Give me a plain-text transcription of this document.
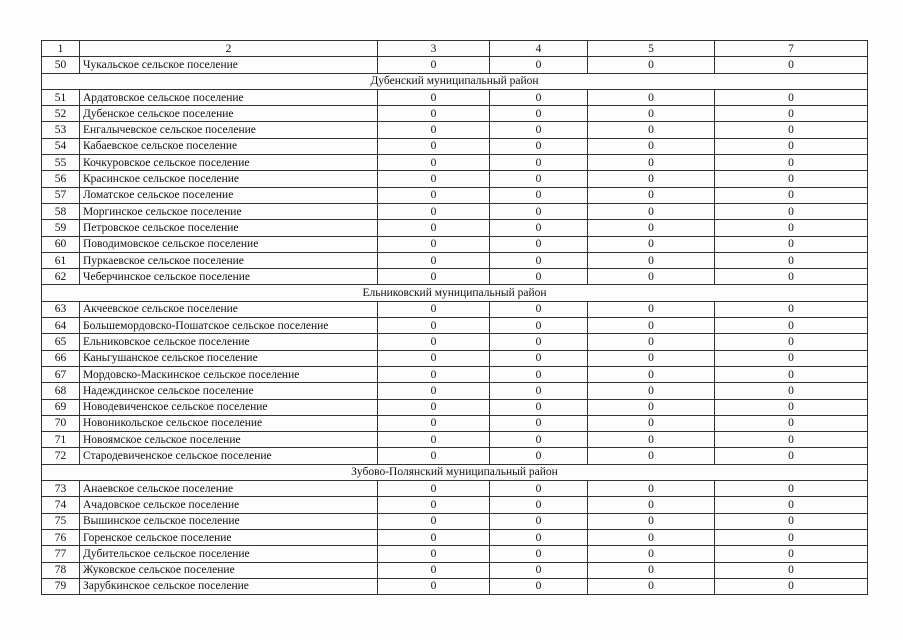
1	2	3	4	5	7
50	Чукальское сельское поселение	0	0	0	0
Дубенский муниципальный район					
51	Ардатовское сельское поселение	0	0	0	0
52	Дубенское сельское поселение	0	0	0	0
53	Енгалычевское сельское поселение	0	0	0	0
54	Кабаевское сельское поселение	0	0	0	0
55	Кочкуровское сельское поселение	0	0	0	0
56	Красинское сельское поселение	0	0	0	0
57	Ломатское сельское поселение	0	0	0	0
58	Моргинское сельское поселение	0	0	0	0
59	Петровское сельское поселение	0	0	0	0
60	Поводимовское сельское поселение	0	0	0	0
61	Пуркаевское сельское поселение	0	0	0	0
62	Чеберчинское сельское поселение	0	0	0	0
Ельниковский муниципальный район					
63	Акчеевское сельское поселение	0	0	0	0
64	Большемордовско-Пошатское сельское поселение	0	0	0	0
65	Ельниковское сельское поселение	0	0	0	0
66	Каньгушанское сельское поселение	0	0	0	0
67	Мордовско-Маскинское сельское поселение	0	0	0	0
68	Надеждинское сельское поселение	0	0	0	0
69	Новодевиченское сельское поселение	0	0	0	0
70	Новоникольское сельское поселение	0	0	0	0
71	Новоямское сельское поселение	0	0	0	0
72	Стародевиченское сельское поселение	0	0	0	0
Зубово-Полянский муниципальный район					
73	Анаевское сельское поселение	0	0	0	0
74	Ачадовское сельское поселение	0	0	0	0
75	Вышинское сельское поселение	0	0	0	0
76	Горенское сельское поселение	0	0	0	0
77	Дубительское сельское поселение	0	0	0	0
78	Жуковское сельское поселение	0	0	0	0
79	Зарубкинское сельское поселение	0	0	0	0
